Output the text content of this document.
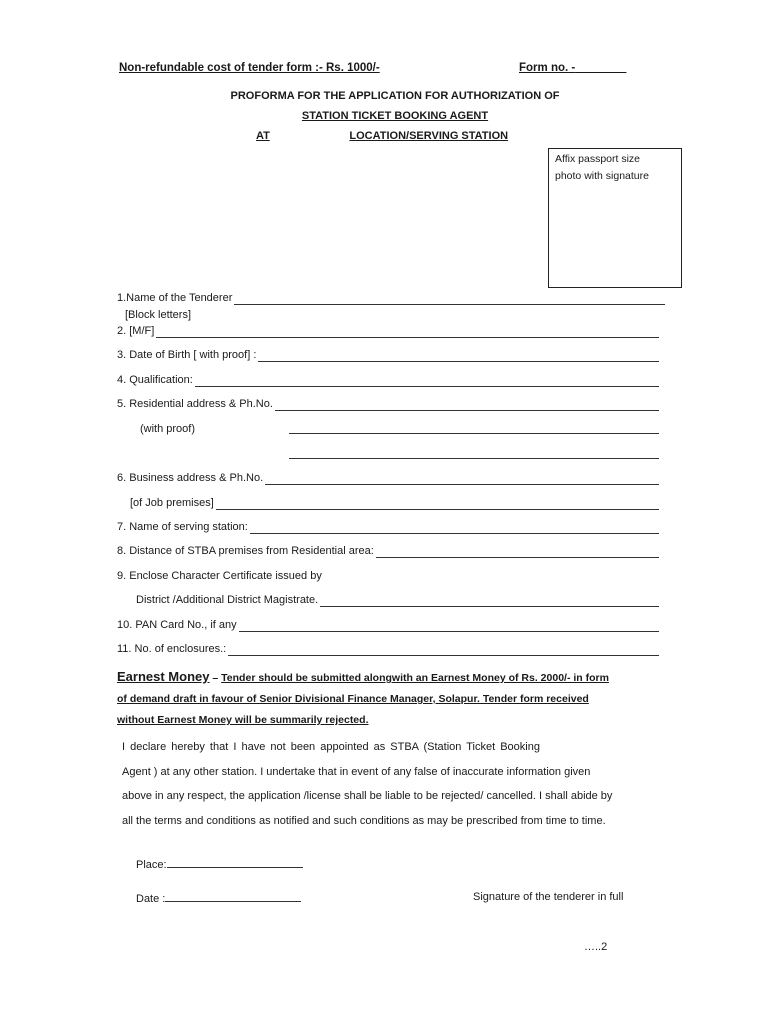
Non-refundable cost of tender form :- Rs. 1000/-	Form no. -________
PROFORMA FOR THE APPLICATION FOR AUTHORIZATION OF
STATION TICKET BOOKING AGENT
AT_____________LOCATION/SERVING STATION
Affix passport size
photo with signature
1.Name of the Tenderer
[Block letters]
2. [M/F]
3. Date of Birth [ with proof] :
4. Qualification:
5. Residential address & Ph.No.
(with proof)
6. Business address & Ph.No.
[of Job premises]
7. Name of serving station:
8. Distance of STBA premises from Residential area:
9. Enclose Character Certificate issued by
District /Additional District Magistrate.
10. PAN Card No., if any
11. No. of enclosures.:
Earnest Money – Tender should be submitted alongwith an Earnest Money of Rs. 2000/- in form
of demand draft in favour of Senior Divisional Finance Manager, Solapur. Tender form received
without Earnest Money will be summarily rejected.
I declare hereby that I have not been appointed as STBA (Station Ticket Booking
Agent ) at any other station. I undertake that in event of any false of inaccurate information given
above in any respect, the application /license shall be liable to be rejected/ cancelled. I shall abide by
all the terms and conditions as notified and such conditions as may be prescribed from time to time.
Place:
Date :	Signature of the tenderer in full
…..2
